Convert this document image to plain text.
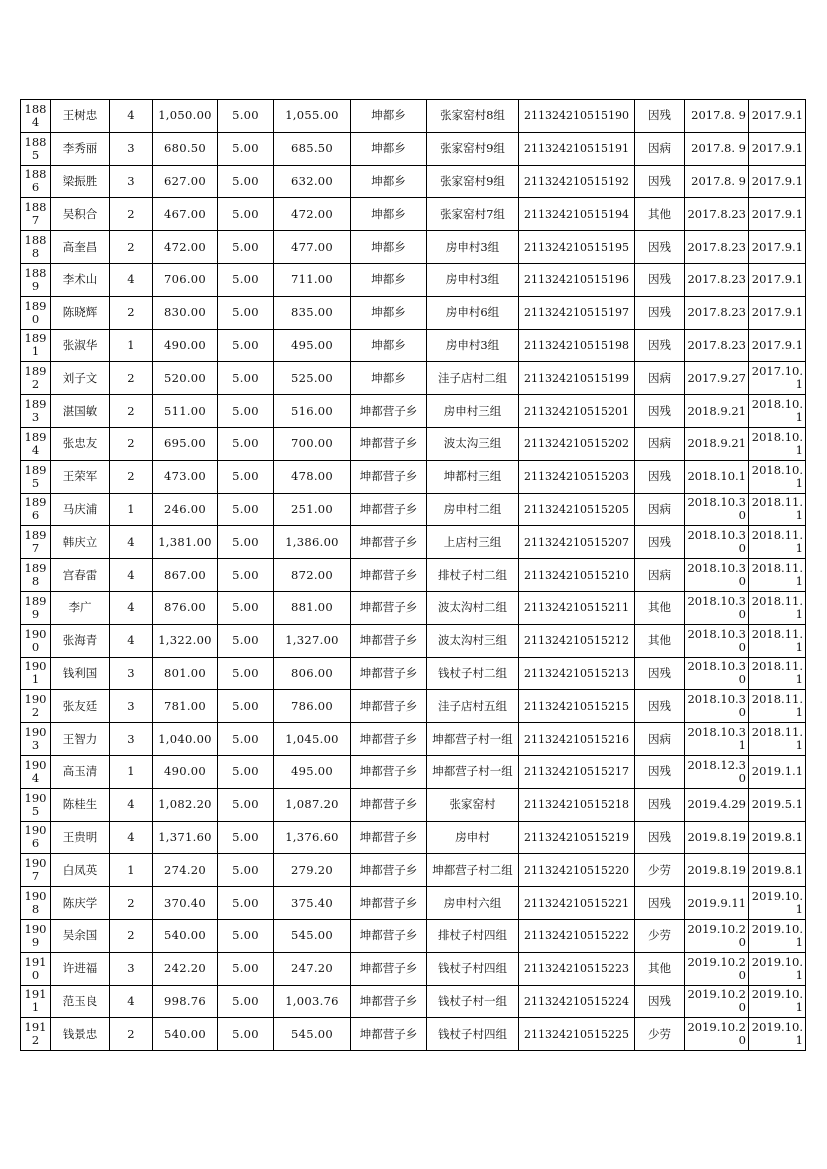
1884	王树忠	4	1,050.00	5.00	1,055.00	坤都乡	张家窑村8组	211324210515190	因残	2017.8. 9	2017.9.1
1885	李秀丽	3	680.50	5.00	685.50	坤都乡	张家窑村9组	211324210515191	因病	2017.8. 9	2017.9.1
1886	梁振胜	3	627.00	5.00	632.00	坤都乡	张家窑村9组	211324210515192	因残	2017.8. 9	2017.9.1
1887	吴积合	2	467.00	5.00	472.00	坤都乡	张家窑村7组	211324210515194	其他	2017.8.23	2017.9.1
1888	高奎昌	2	472.00	5.00	477.00	坤都乡	房申村3组	211324210515195	因残	2017.8.23	2017.9.1
1889	李术山	4	706.00	5.00	711.00	坤都乡	房申村3组	211324210515196	因残	2017.8.23	2017.9.1
1890	陈晓辉	2	830.00	5.00	835.00	坤都乡	房申村6组	211324210515197	因残	2017.8.23	2017.9.1
1891	张淑华	1	490.00	5.00	495.00	坤都乡	房申村3组	211324210515198	因残	2017.8.23	2017.9.1
1892	刘子文	2	520.00	5.00	525.00	坤都乡	洼子店村二组	211324210515199	因病	2017.9.27	2017.10.1
1893	湛国敏	2	511.00	5.00	516.00	坤都营子乡	房申村三组	211324210515201	因残	2018.9.21	2018.10.1
1894	张忠友	2	695.00	5.00	700.00	坤都营子乡	波太沟三组	211324210515202	因病	2018.9.21	2018.10.1
1895	王荣军	2	473.00	5.00	478.00	坤都营子乡	坤都村三组	211324210515203	因残	2018.10.1	2018.10.1
1896	马庆浦	1	246.00	5.00	251.00	坤都营子乡	房申村二组	211324210515205	因病	2018.10.30	2018.11.1
1897	韩庆立	4	1,381.00	5.00	1,386.00	坤都营子乡	上店村三组	211324210515207	因残	2018.10.30	2018.11.1
1898	宫春雷	4	867.00	5.00	872.00	坤都营子乡	排杖子村二组	211324210515210	因病	2018.10.30	2018.11.1
1899	李广	4	876.00	5.00	881.00	坤都营子乡	波太沟村二组	211324210515211	其他	2018.10.30	2018.11.1
1900	张海青	4	1,322.00	5.00	1,327.00	坤都营子乡	波太沟村三组	211324210515212	其他	2018.10.30	2018.11.1
1901	钱利国	3	801.00	5.00	806.00	坤都营子乡	钱杖子村二组	211324210515213	因残	2018.10.30	2018.11.1
1902	张友廷	3	781.00	5.00	786.00	坤都营子乡	洼子店村五组	211324210515215	因残	2018.10.30	2018.11.1
1903	王智力	3	1,040.00	5.00	1,045.00	坤都营子乡	坤都营子村一组	211324210515216	因病	2018.10.31	2018.11.1
1904	高玉清	1	490.00	5.00	495.00	坤都营子乡	坤都营子村一组	211324210515217	因残	2018.12.30	2019.1.1
1905	陈桂生	4	1,082.20	5.00	1,087.20	坤都营子乡	张家窑村	211324210515218	因残	2019.4.29	2019.5.1
1906	王贵明	4	1,371.60	5.00	1,376.60	坤都营子乡	房申村	211324210515219	因残	2019.8.19	2019.8.1
1907	白凤英	1	274.20	5.00	279.20	坤都营子乡	坤都营子村二组	211324210515220	少劳	2019.8.19	2019.8.1
1908	陈庆学	2	370.40	5.00	375.40	坤都营子乡	房申村六组	211324210515221	因残	2019.9.11	2019.10.1
1909	吴余国	2	540.00	5.00	545.00	坤都营子乡	排杖子村四组	211324210515222	少劳	2019.10.20	2019.10.1
1910	许进福	3	242.20	5.00	247.20	坤都营子乡	钱杖子村四组	211324210515223	其他	2019.10.20	2019.10.1
1911	范玉良	4	998.76	5.00	1,003.76	坤都营子乡	钱杖子村一组	211324210515224	因残	2019.10.20	2019.10.1
1912	钱景忠	2	540.00	5.00	545.00	坤都营子乡	钱杖子村四组	211324210515225	少劳	2019.10.20	2019.10.1
